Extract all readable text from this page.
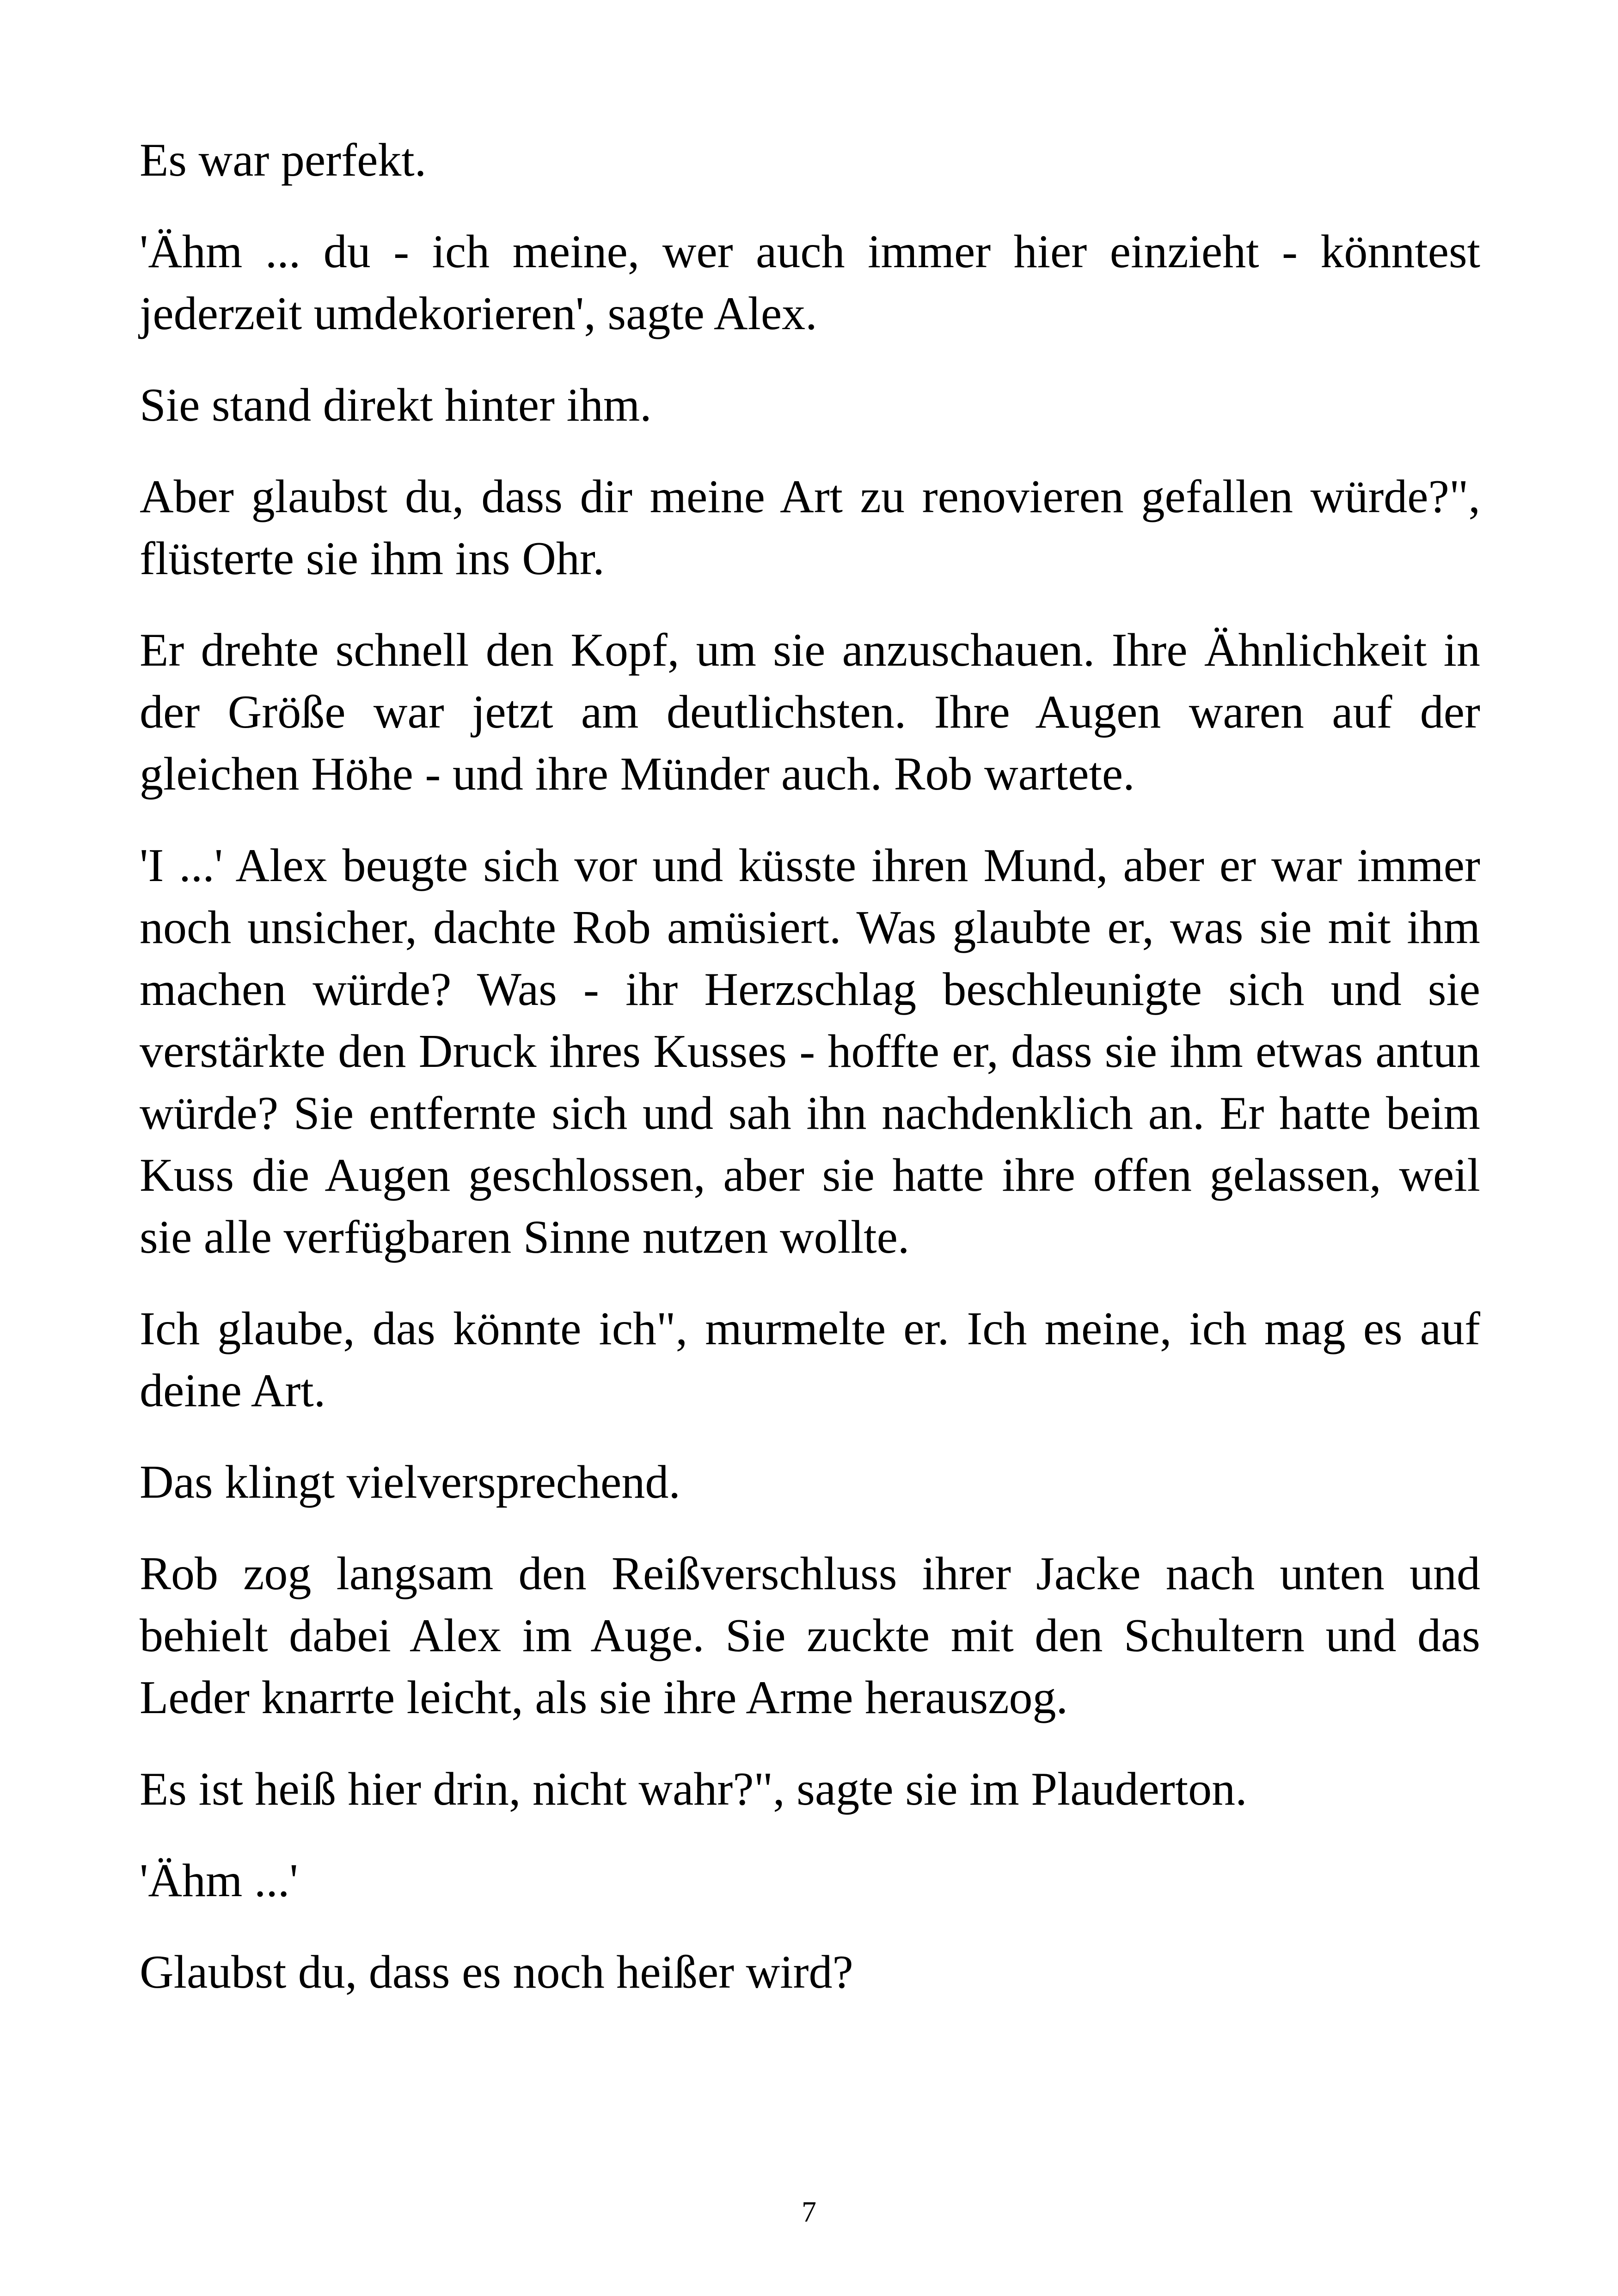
Es war perfekt.

'Ähm ... du - ich meine, wer auch immer hier einzieht - könntest jederzeit umdekorieren', sagte Alex.

Sie stand direkt hinter ihm.

Aber glaubst du, dass dir meine Art zu renovieren gefallen würde?", flüsterte sie ihm ins Ohr.

Er drehte schnell den Kopf, um sie anzuschauen. Ihre Ähnlichkeit in der Größe war jetzt am deutlichsten. Ihre Augen waren auf der gleichen Höhe - und ihre Münder auch. Rob wartete.

'I ...' Alex beugte sich vor und küsste ihren Mund, aber er war immer noch unsicher, dachte Rob amüsiert. Was glaubte er, was sie mit ihm machen würde? Was - ihr Herzschlag beschleunigte sich und sie verstärkte den Druck ihres Kusses - hoffte er, dass sie ihm etwas antun würde? Sie entfernte sich und sah ihn nachdenklich an. Er hatte beim Kuss die Augen geschlossen, aber sie hatte ihre offen gelassen, weil sie alle verfügbaren Sinne nutzen wollte.

Ich glaube, das könnte ich", murmelte er. Ich meine, ich mag es auf deine Art.

Das klingt vielversprechend.

Rob zog langsam den Reißverschluss ihrer Jacke nach unten und behielt dabei Alex im Auge. Sie zuckte mit den Schultern und das Leder knarrte leicht, als sie ihre Arme herauszog.

Es ist heiß hier drin, nicht wahr?", sagte sie im Plauderton.

'Ähm ...'

Glaubst du, dass es noch heißer wird?

7
